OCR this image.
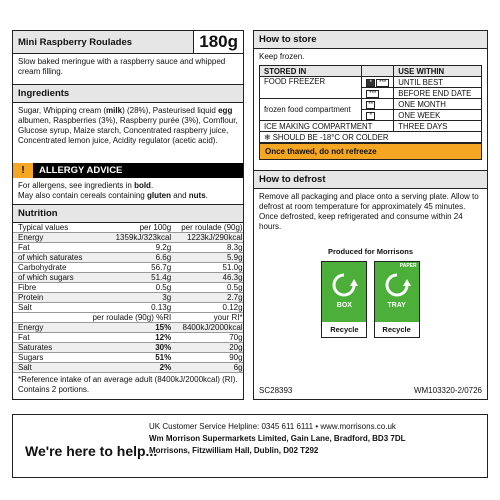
Mini Raspberry Roulades	180g
Slow baked meringue with a raspberry sauce and whipped cream filling.
Ingredients
Sugar, Whipping cream (milk) (28%), Pasteurised liquid egg albumen, Raspberries (3%), Raspberry purée (3%), Cornflour, Glucose syrup, Maize starch, Concentrated raspberry juice, Concentrated lemon juice, Acidity regulator (acetic acid).
!	ALLERGY ADVICE
For allergens, see ingredients in bold.
May also contain cereals containing gluten and nuts.
Nutrition
Typical values	per 100g	per roulade (90g)
Energy	1359kJ/323kcal	1223kJ/290kcal
Fat	9.2g	8.3g
of which saturates	6.6g	5.9g
Carbohydrate	56.7g	51.0g
of which sugars	51.4g	46.3g
Fibre	0.5g	0.5g
Protein	3g	2.7g
Salt	0.13g	0.12g
	per roulade (90g) %RI	your RI*
Energy	15%	8400kJ/2000kcal
Fat	12%	70g
Saturates	30%	20g
Sugars	51%	90g
Salt	2%	6g
*Reference intake of an average adult (8400kJ/2000kcal) (RI).
Contains 2 portions.
How to store
Keep frozen.
STORED IN		USE WITHIN
FOOD FREEZER	* ***	UNTIL BEST

	***	BEFORE END DATE
frozen food compartment	**	ONE MONTH

	*	ONE WEEK
ICE MAKING COMPARTMENT		THREE DAYS
❄ SHOULD BE -18°C OR COLDER		
Once thawed, do not refreeze
How to defrost
Remove all packaging and place onto a serving plate. Allow to defrost at room temperature for approximately 45 minutes. Once defrosted, keep refrigerated and consume within 24 hours.
Produced for Morrisons
BOX
Recycle

PAPER
TRAY
Recycle
SC28393	WM103320-2/0726
We're here to help...
UK Customer Service Helpline: 0345 611 6111 • www.morrisons.co.uk
Wm Morrison Supermarkets Limited, Gain Lane, Bradford, BD3 7DL
Morrisons, Fitzwilliam Hall, Dublin, D02 T292
